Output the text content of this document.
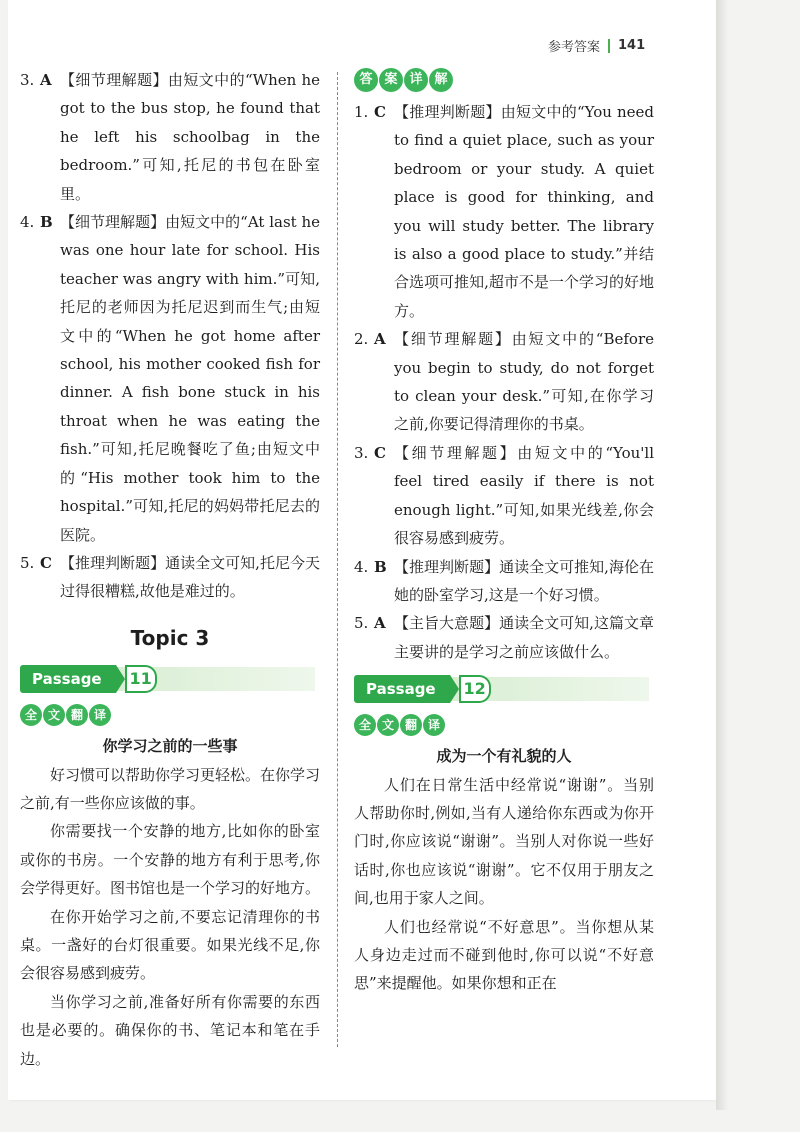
参考答案 141
3. A 【细节理解题】由短文中的“When he got to the bus stop, he found that he left his schoolbag in the bedroom.”可知,托尼的书包在卧室里。
4. B 【细节理解题】由短文中的“At last he was one hour late for school. His teacher was angry with him.”可知,托尼的老师因为托尼迟到而生气;由短文中的“When he got home after school, his mother cooked fish for dinner. A fish bone stuck in his throat when he was eating the fish.”可知,托尼晚餐吃了鱼;由短文中的“His mother took him to the hospital.”可知,托尼的妈妈带托尼去的医院。
5. C 【推理判断题】通读全文可知,托尼今天过得很糟糕,故他是难过的。
Topic 3
Passage	11
全 文 翻 译

你学习之前的一些事

好习惯可以帮助你学习更轻松。在你学习之前,有一些你应该做的事。

你需要找一个安静的地方,比如你的卧室或你的书房。一个安静的地方有利于思考,你会学得更好。图书馆也是一个学习的好地方。

在你开始学习之前,不要忘记清理你的书桌。一盏好的台灯很重要。如果光线不足,你会很容易感到疲劳。

当你学习之前,准备好所有你需要的东西也是必要的。确保你的书、笔记本和笔在手边。

答 案 详 解
1. C 【推理判断题】由短文中的“You need to find a quiet place, such as your bedroom or your study. A quiet place is good for thinking, and you will study better. The library is also a good place to study.”并结合选项可推知,超市不是一个学习的好地方。
2. A 【细节理解题】由短文中的“Before you begin to study, do not forget to clean your desk.”可知,在你学习之前,你要记得清理你的书桌。
3. C 【细节理解题】由短文中的“You'll feel tired easily if there is not enough light.”可知,如果光线差,你会很容易感到疲劳。
4. B 【推理判断题】通读全文可推知,海伦在她的卧室学习,这是一个好习惯。
5. A 【主旨大意题】通读全文可知,这篇文章主要讲的是学习之前应该做什么。
Passage	12
全 文 翻 译

成为一个有礼貌的人

人们在日常生活中经常说“谢谢”。当别人帮助你时,例如,当有人递给你东西或为你开门时,你应该说“谢谢”。当别人对你说一些好话时,你也应该说“谢谢”。它不仅用于朋友之间,也用于家人之间。

人们也经常说“不好意思”。当你想从某人身边走过而不碰到他时,你可以说“不好意思”来提醒他。如果你想和正在
